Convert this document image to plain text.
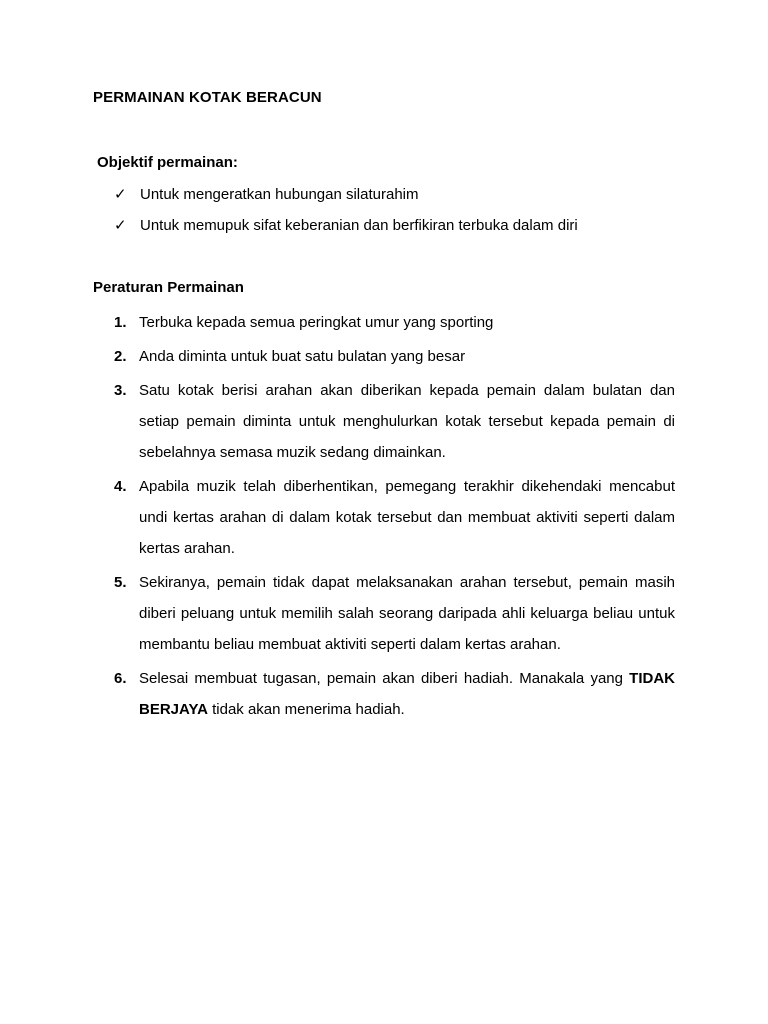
PERMAINAN KOTAK BERACUN
Objektif permainan:
✓ Untuk mengeratkan hubungan silaturahim
✓ Untuk memupuk sifat keberanian dan berfikiran terbuka dalam diri
Peraturan Permainan
1. Terbuka kepada semua peringkat umur yang sporting
2. Anda diminta untuk buat satu bulatan yang besar
3. Satu kotak berisi arahan akan diberikan kepada pemain dalam bulatan dan setiap pemain diminta untuk menghulurkan kotak tersebut kepada pemain di sebelahnya semasa muzik sedang dimainkan.
4. Apabila muzik telah diberhentikan, pemegang terakhir dikehendaki mencabut undi kertas arahan di dalam kotak tersebut dan membuat aktiviti seperti dalam kertas arahan.
5. Sekiranya, pemain tidak dapat melaksanakan arahan tersebut, pemain masih diberi peluang untuk memilih salah seorang daripada ahli keluarga beliau untuk membantu beliau membuat aktiviti seperti dalam kertas arahan.
6. Selesai membuat tugasan, pemain akan diberi hadiah. Manakala yang TIDAK BERJAYA tidak akan menerima hadiah.
